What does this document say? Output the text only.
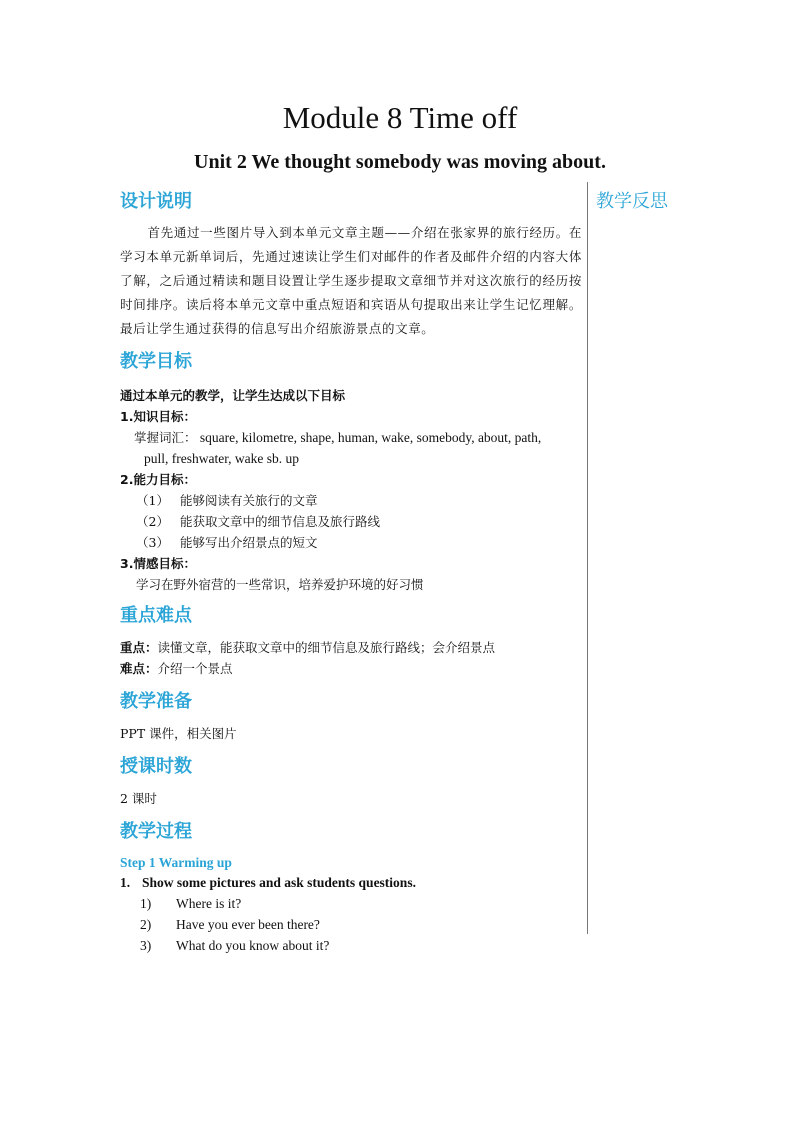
Module 8 Time off
Unit 2 We thought somebody was moving about.
教学反思
设计说明

首先通过一些图片导入到本单元文章主题——介绍在张家界的旅行经历。在学习本单元新单词后，先通过速读让学生们对邮件的作者及邮件介绍的内容大体了解，之后通过精读和题目设置让学生逐步提取文章细节并对这次旅行的经历按时间排序。读后将本单元文章中重点短语和宾语从句提取出来让学生记忆理解。最后让学生通过获得的信息写出介绍旅游景点的文章。

教学目标

通过本单元的教学，让学生达成以下目标

1.知识目标：

掌握词汇： square, kilometre, shape, human, wake, somebody, about, path,

pull, freshwater, wake sb. up

2.能力目标：

（1） 能够阅读有关旅行的文章

（2） 能获取文章中的细节信息及旅行路线

（3） 能够写出介绍景点的短文

3.情感目标：

学习在野外宿营的一些常识，培养爱护环境的好习惯

重点难点

重点：读懂文章，能获取文章中的细节信息及旅行路线；会介绍景点

难点：介绍一个景点

教学准备

PPT 课件，相关图片

授课时数

2 课时

教学过程

Step 1 Warming up

1. Show some pictures and ask students questions.

1) Where is it?

2) Have you ever been there?

3) What do you know about it?
